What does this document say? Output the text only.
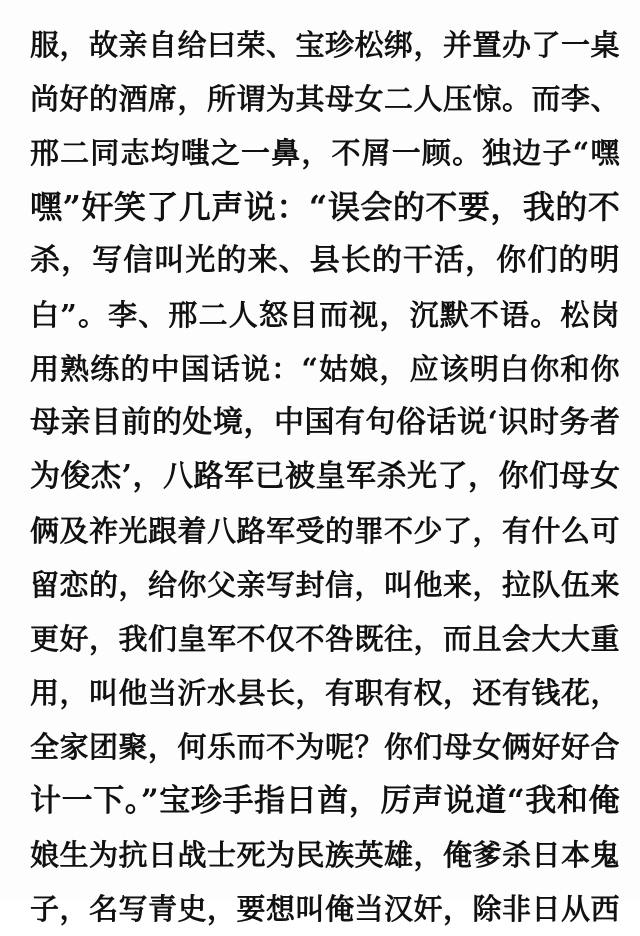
服，故亲自给曰荣、宝珍松绑，并置办了一桌
尚好的酒席，所谓为其母女二人压惊。而李、
邢二同志均嗤之一鼻，不屑一顾。独边子“嘿
嘿”奸笑了几声说：“误会的不要，我的不
杀，写信叫光的来、县长的干活，你们的明
白”。李、邢二人怒目而视，沉默不语。松岗
用熟练的中国话说：“姑娘，应该明白你和你
母亲目前的处境，中国有句俗话说‘识时务者
为俊杰’，八路军已被皇军杀光了，你们母女
俩及祚光跟着八路军受的罪不少了，有什么可
留恋的，给你父亲写封信，叫他来，拉队伍来
更好，我们皇军不仅不咎既往，而且会大大重
用，叫他当沂水县长，有职有权，还有钱花，
全家团聚，何乐而不为呢？你们母女俩好好合
计一下。”宝珍手指日酋，厉声说道“我和俺
娘生为抗日战士死为民族英雄，俺爹杀日本鬼
子，名写青史，要想叫俺当汉奸，除非日从西
